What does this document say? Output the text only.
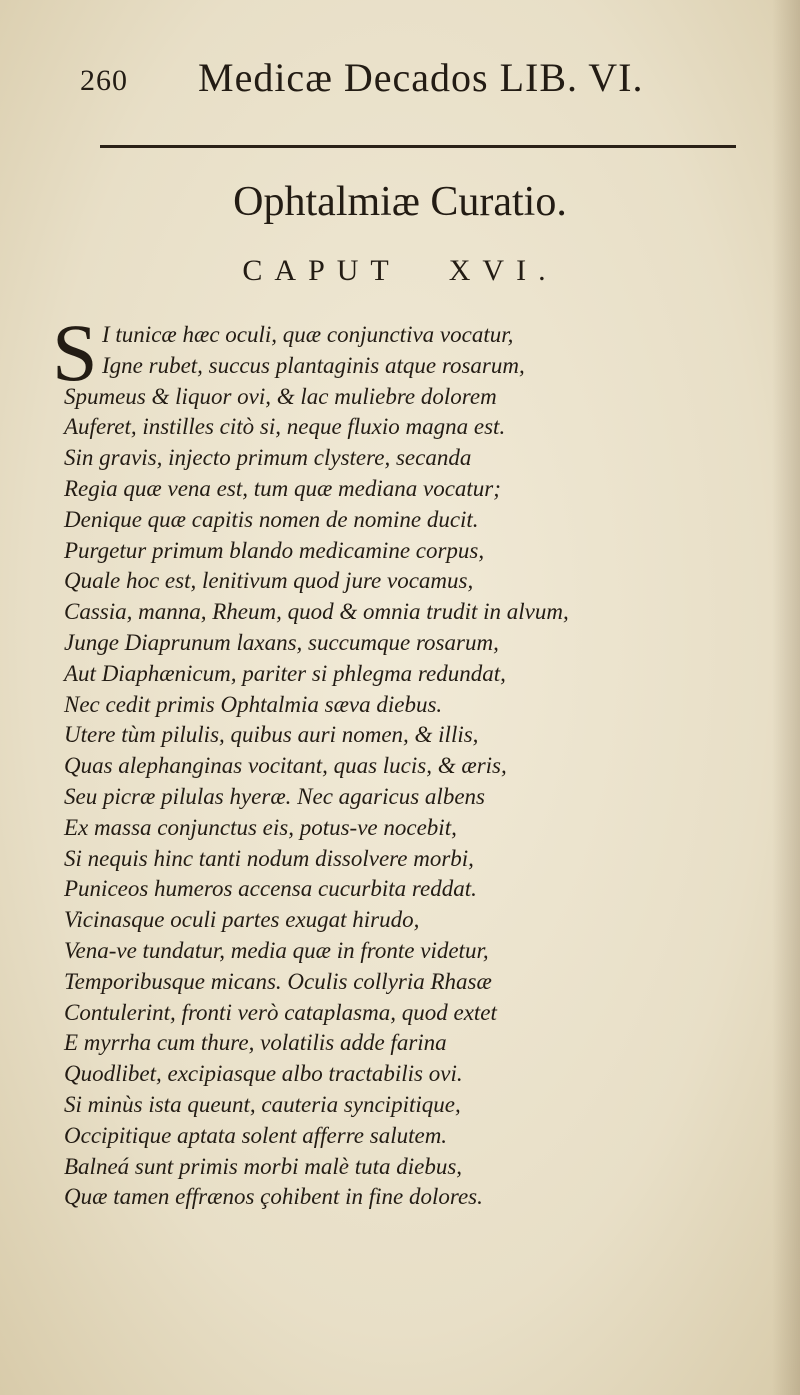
260 Medicæ Decados LIB. VI.
Ophtalmiæ Curatio.
CAPUT XVI.
S I tunicæ hæc oculi, quæ conjunctiva vocatur,
Igne rubet, succus plantaginis atque rosarum,
Spumeus & liquor ovi, & lac muliebre dolorem
Auferet, instilles citò si, neque fluxio magna est.
Sin gravis, injecto primum clystere, secanda
Regia quæ vena est, tum quæ mediana vocatur;
Denique quæ capitis nomen de nomine ducit.
Purgetur primum blando medicamine corpus,
Quale hoc est, lenitivum quod jure vocamus,
Cassia, manna, Rheum, quod & omnia trudit in alvum,
Junge Diaprunum laxans, succumque rosarum,
Aut Diaphænicum, pariter si phlegma redundat,
Nec cedit primis Ophtalmia sæva diebus.
Utere tùm pilulis, quibus auri nomen, & illis,
Quas alephanginas vocitant, quas lucis, & æris,
Seu picræ pilulas hyeræ. Nec agaricus albens
Ex massa conjunctus eis, potus-ve nocebit,
Si nequis hinc tanti nodum dissolvere morbi,
Puniceos humeros accensa cucurbita reddat.
Vicinasque oculi partes exugat hirudo,
Vena-ve tundatur, media quæ in fronte videtur,
Temporibusque micans. Oculis collyria Rhasæ
Contulerint, fronti verò cataplasma, quod extet
E myrrha cum thure, volatilis adde farina
Quodlibet, excipiasque albo tractabilis ovi.
Si minùs ista queunt, cauteria syncipitique,
Occipitique aptata solent afferre salutem.
Balneá sunt primis morbi malè tuta diebus,
Quæ tamen effrænos çohibent in fine dolores.
